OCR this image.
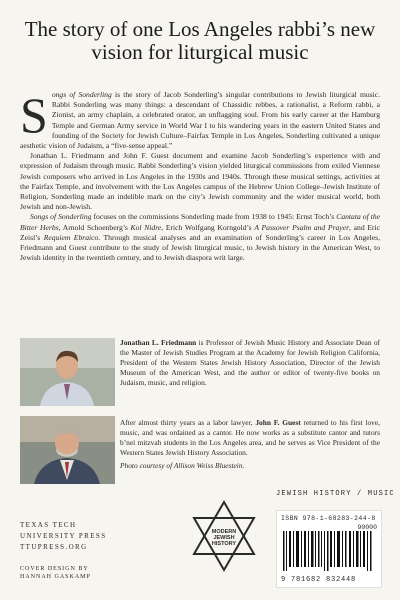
The story of one Los Angeles rabbi’s new vision for liturgical music

Songs of Sonderling is the story of Jacob Sonderling’s singular contributions to Jewish liturgical music. Rabbi Sonderling was many things: a descendant of Chassidic rebbes, a rationalist, a Reform rabbi, a Zionist, an army chaplain, a celebrated orator, an unflagging soul. From his early career at the Hamburg Temple and German Army service in World War I to his wandering years in the eastern United States and founding of the Society for Jewish Culture–Fairfax Temple in Los Angeles, Sonderling cultivated a unique aesthetic vision of Judaism, a “five-sense appeal.”

Jonathan L. Friedmann and John F. Guest document and examine Jacob Sonderling’s experience with and expression of Judaism through music. Rabbi Sonderling’s vision yielded liturgical commissions from exiled Viennese Jewish composers who arrived in Los Angeles in the 1930s and 1940s. Through these musical settings, activities at the Fairfax Temple, and involvement with the Los Angeles campus of the Hebrew Union College–Jewish Institute of Religion, Sonderling made an indelible mark on the city’s Jewish community and the wider musical world, both Jewish and non-Jewish.

Songs of Sonderling focuses on the commissions Sonderling made from 1938 to 1945: Ernst Toch’s Cantata of the Bitter Herbs, Arnold Schoenberg’s Kol Nidre, Erich Wolfgang Korngold’s A Passover Psalm and Prayer, and Eric Zeisl’s Requiem Ebraico. Through musical analyses and an examination of Sonderling’s career in Los Angeles, Friedmann and Guest contribute to the study of Jewish liturgical music, to Jewish history in the American West, to Jewish identity in the twentieth century, and to Jewish diaspora writ large.

Jonathan L. Friedmann is Professor of Jewish Music History and Associate Dean of the Master of Jewish Studies Program at the Academy for Jewish Religion California, President of the Western States Jewish History Association, Director of the Jewish Museum of the American West, and the author or editor of twenty-five books on Judaism, music, and religion.
After almost thirty years as a labor lawyer, John F. Guest returned to his first love, music, and was ordained as a cantor. He now works as a substitute cantor and tutors b’nei mitzvah students in the Los Angeles area, and he serves as Vice President of the Western States Jewish History Association.
Photo courtesy of Allison Weiss Bluestein.
TEXAS TECH
UNIVERSITY PRESS
TTUPRESS.ORG
COVER DESIGN BY
HANNAH GASKAMP
MODERN
JEWISH
HISTORY
JEWISH HISTORY / MUSIC
ISBN 978-1-68283-244-8
90000
9 781682 832448
